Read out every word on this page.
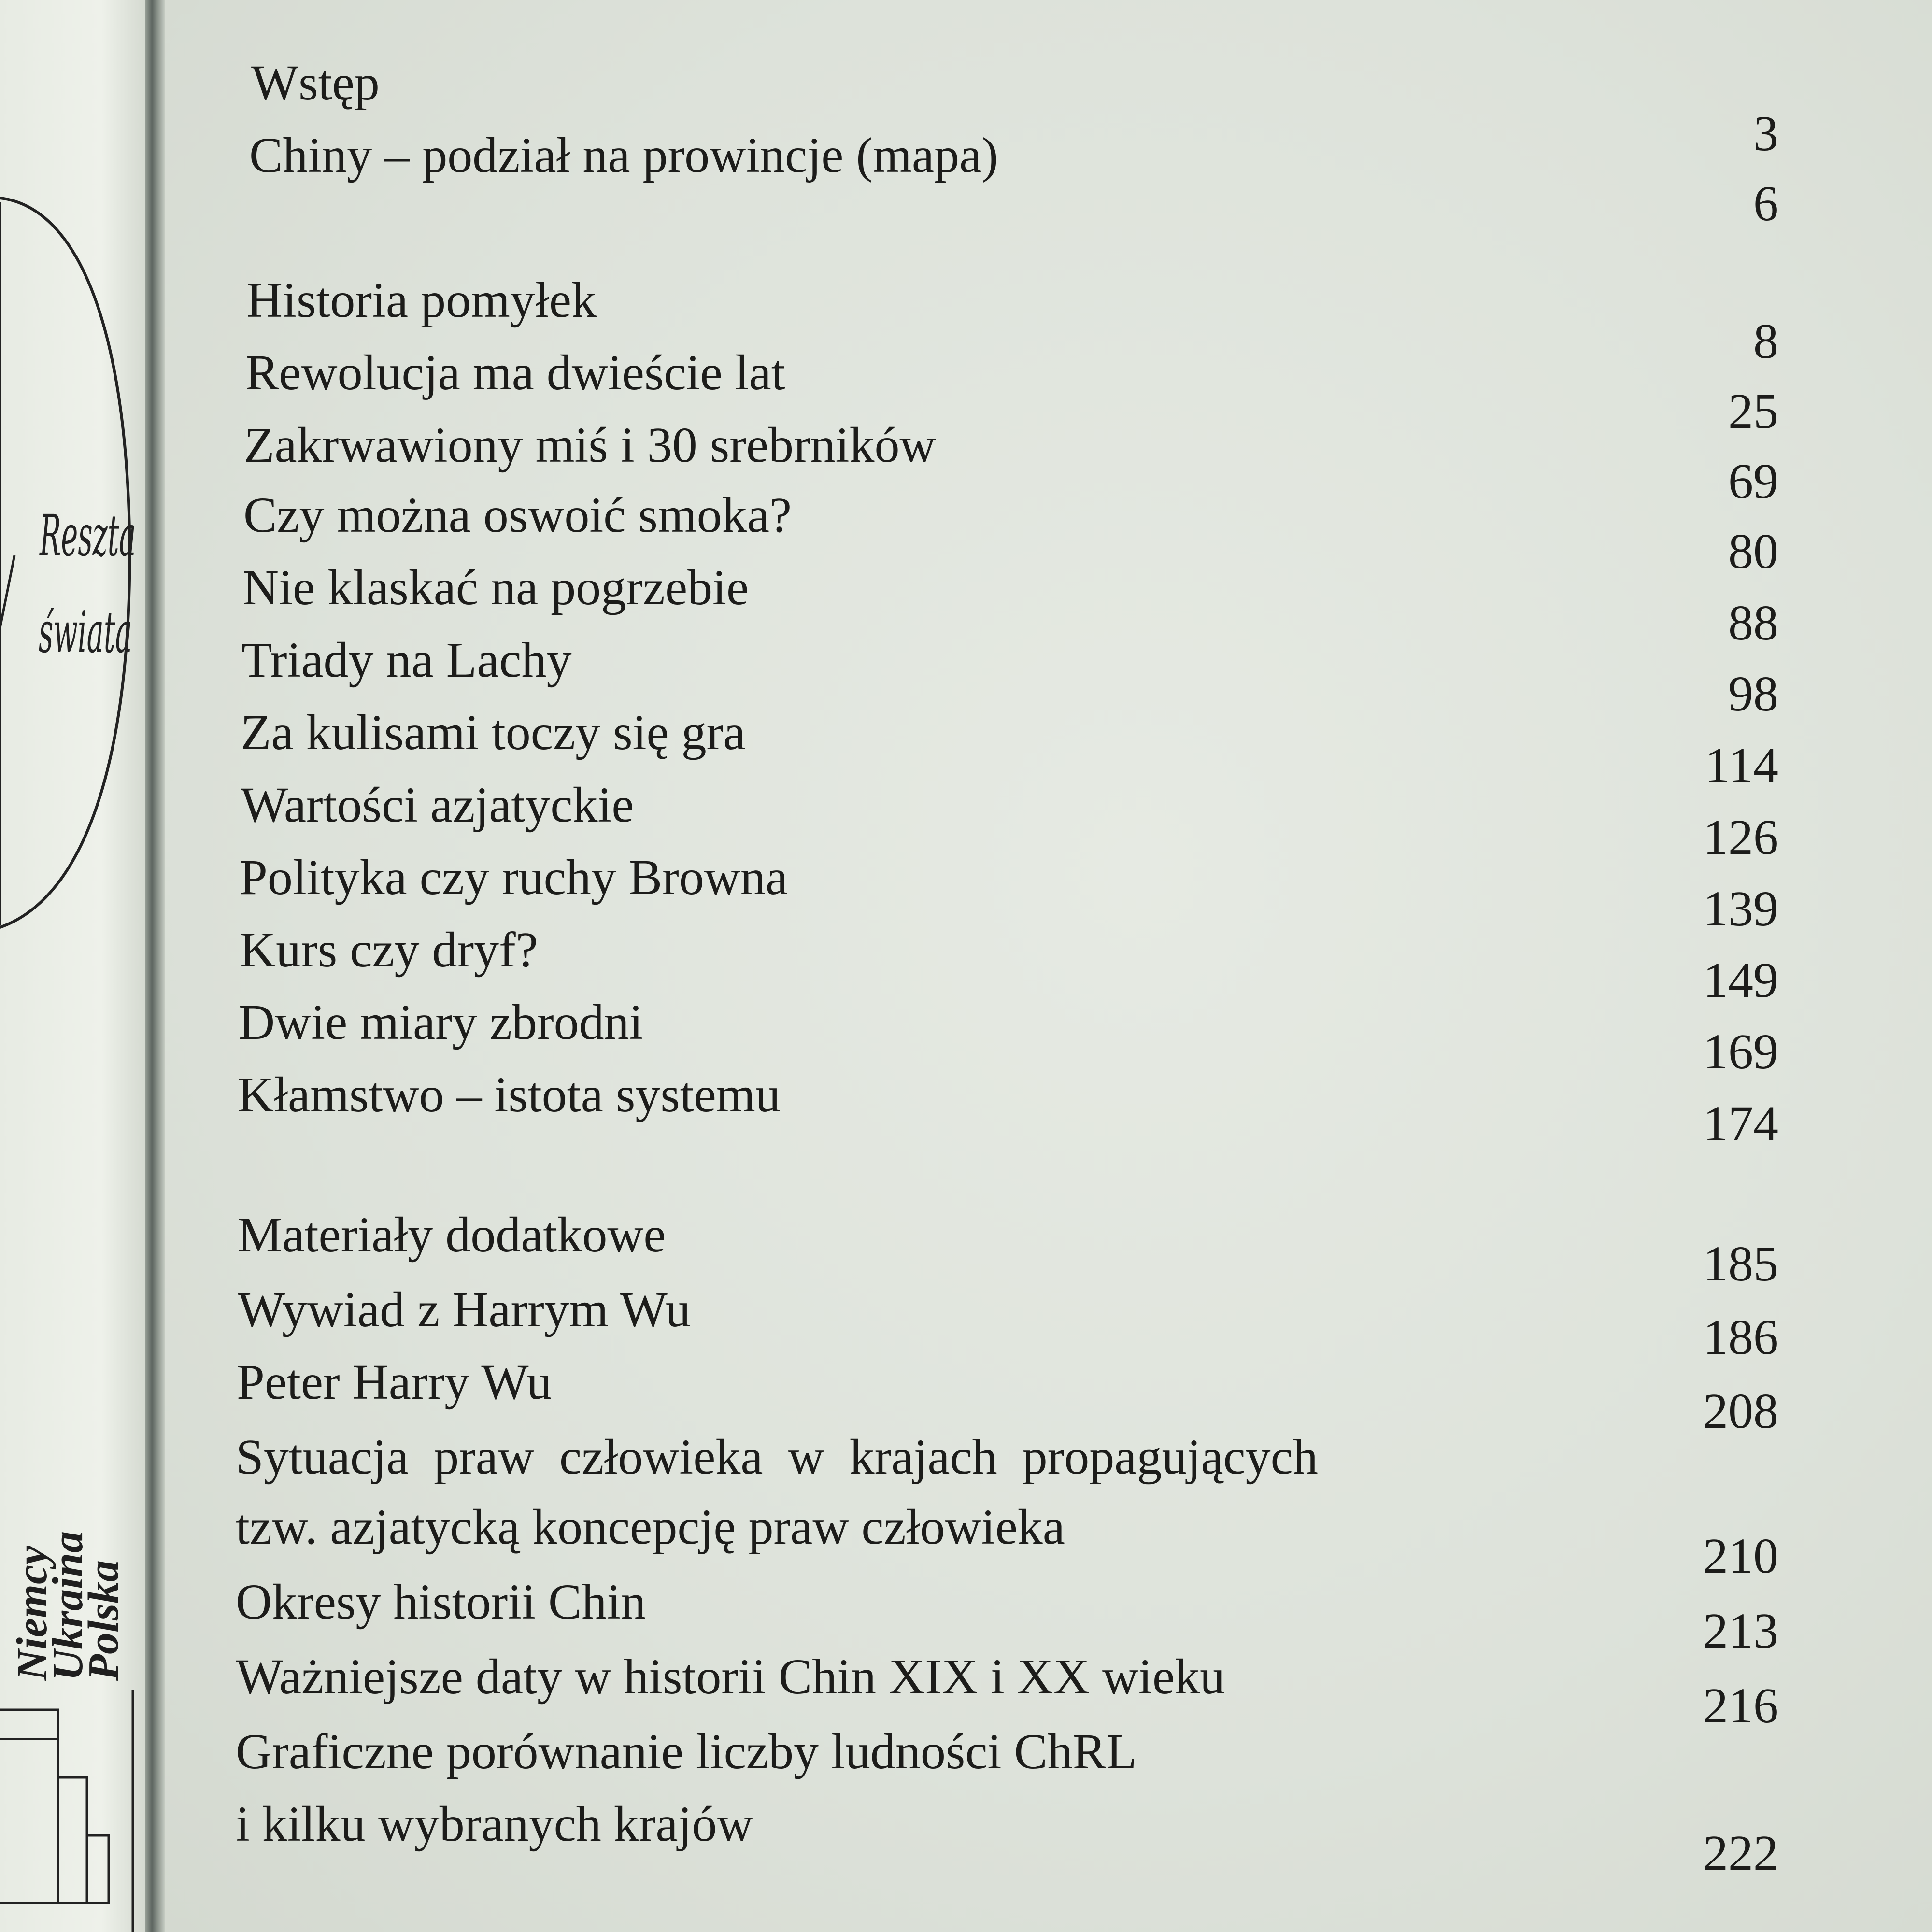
Reszta
świata
Niemcy
Ukraina
Polska
Wstęp
Chiny – podział na prowincje (mapa)
Historia pomyłek
Rewolucja ma dwieście lat
Zakrwawiony miś i 30 srebrników
Czy można oswoić smoka?
Nie klaskać na pogrzebie
Triady na Lachy
Za kulisami toczy się gra
Wartości azjatyckie
Polityka czy ruchy Browna
Kurs czy dryf?
Dwie miary zbrodni
Kłamstwo – istota systemu
Materiały dodatkowe
Wywiad z Harrym Wu
Peter Harry Wu
Sytuacja praw człowieka w krajach propagujących
tzw. azjatycką koncepcję praw człowieka
Okresy historii Chin
Ważniejsze daty w historii Chin XIX i XX wieku
Graficzne porównanie liczby ludności ChRL
i kilku wybranych krajów
3
6
8
25
69
80
88
98
114
126
139
149
169
174
185
186
208
210
213
216
222
